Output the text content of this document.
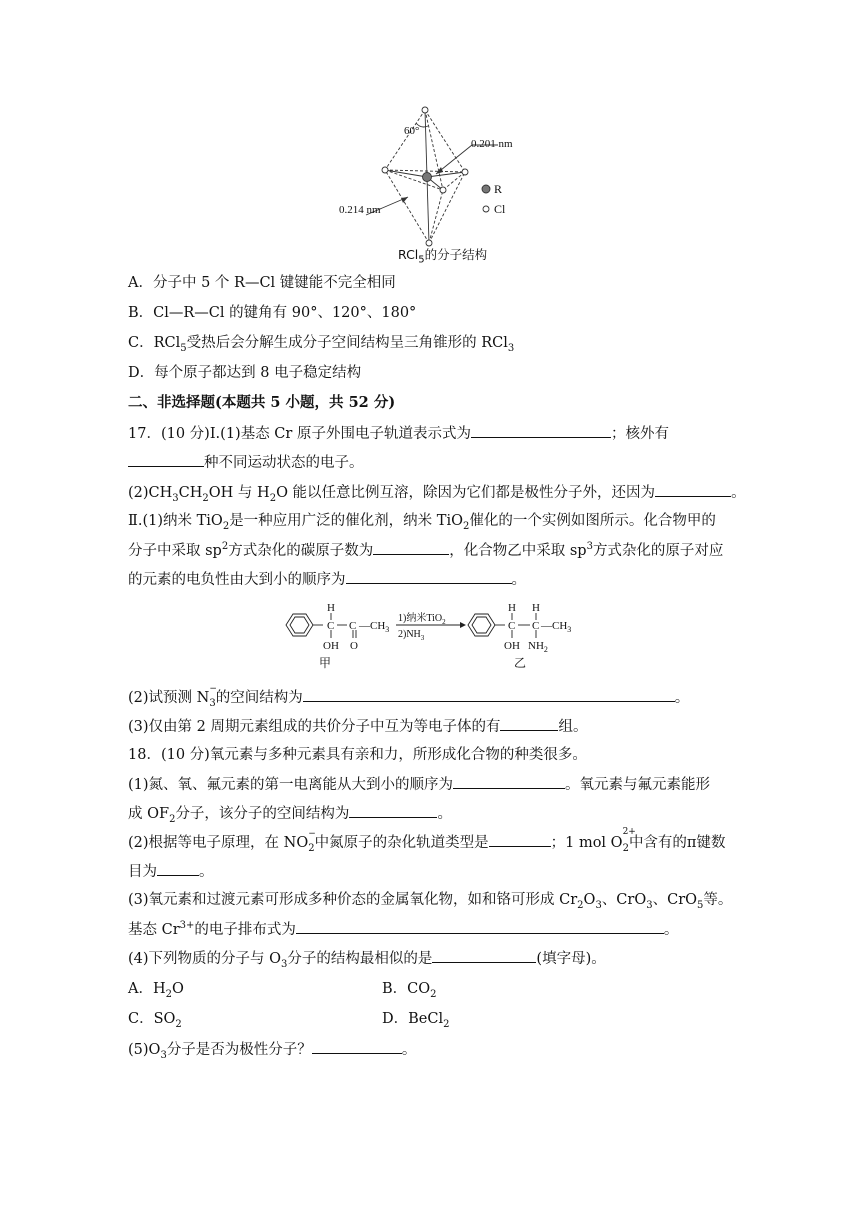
60°
0.201 nm
0.214 nm
R
Cl
RCl$_5$的分子结构
A．分子中 5 个 R—Cl 键键能不完全相同
B．Cl—R—Cl 的键角有 90°、120°、180°
C．RCl$_5$受热后会分解生成分子空间结构呈三角锥形的 RCl$_3$
D．每个原子都达到 8 电子稳定结构
二、非选择题(本题共 5 小题，共 52 分)
17．(10 分)Ⅰ.(1)基态 Cr 原子外围电子轨道表示式为	；核外有
种不同运动状态的电子。
$(2)CH_3CH_2OH$ 与 $H_2O$ 能以任意比例互溶，除因为它们都是极性分子外，还因为	。
Ⅱ.(1)纳米 TiO$_2$是一种应用广泛的催化剂，纳米 TiO$_2$催化的一个实例如图所示。化合物甲的
分子中采取 $sp^2$方式杂化的碳原子数为	，化合物乙中采取 $sp^3$方式杂化的原子对应
的元素的电负性由大到小的顺序为	。
H
C C $—CH_3$
OH O
1)纳米TiO$_2$
$2)NH_3$
H H
C C $—CH_3$
OH $NH_2$
甲	乙
(2)试预测 N
$_{- 3}$的空间结构为	。
(3)仅由第 2 周期元素组成的共价分子中互为等电子体的有	组。
18．(10 分)氧元素与多种元素具有亲和力，所形成化合物的种类很多。
(1)氮、氧、氟元素的第一电离能从大到小的顺序为	。氧元素与氟元素能形
成 $OF_2$分子，该分子的空间结构为	。
(2)根据等电子原理，在 NO
$_{- 2}$中氮原子的杂化轨道类型是	；1 mol O
$_{2+ 2}$中含有的π键数
目为	。
(3)氧元素和过渡元素可形成多种价态的金属氧化物，如和铬可形成 $Cr_2O_3$、CrO$_3$、CrO$_5$等。
基态 $Cr^{3+}$的电子排布式为	。
(4)下列物质的分子与 $O_3$分子的结构最相似的是	(填字母)。
A．$H_2O$	B．$CO_2$
C．$SO_2$	D．BeCl$_2$
$(5)O_3$分子是否为极性分子？	。
